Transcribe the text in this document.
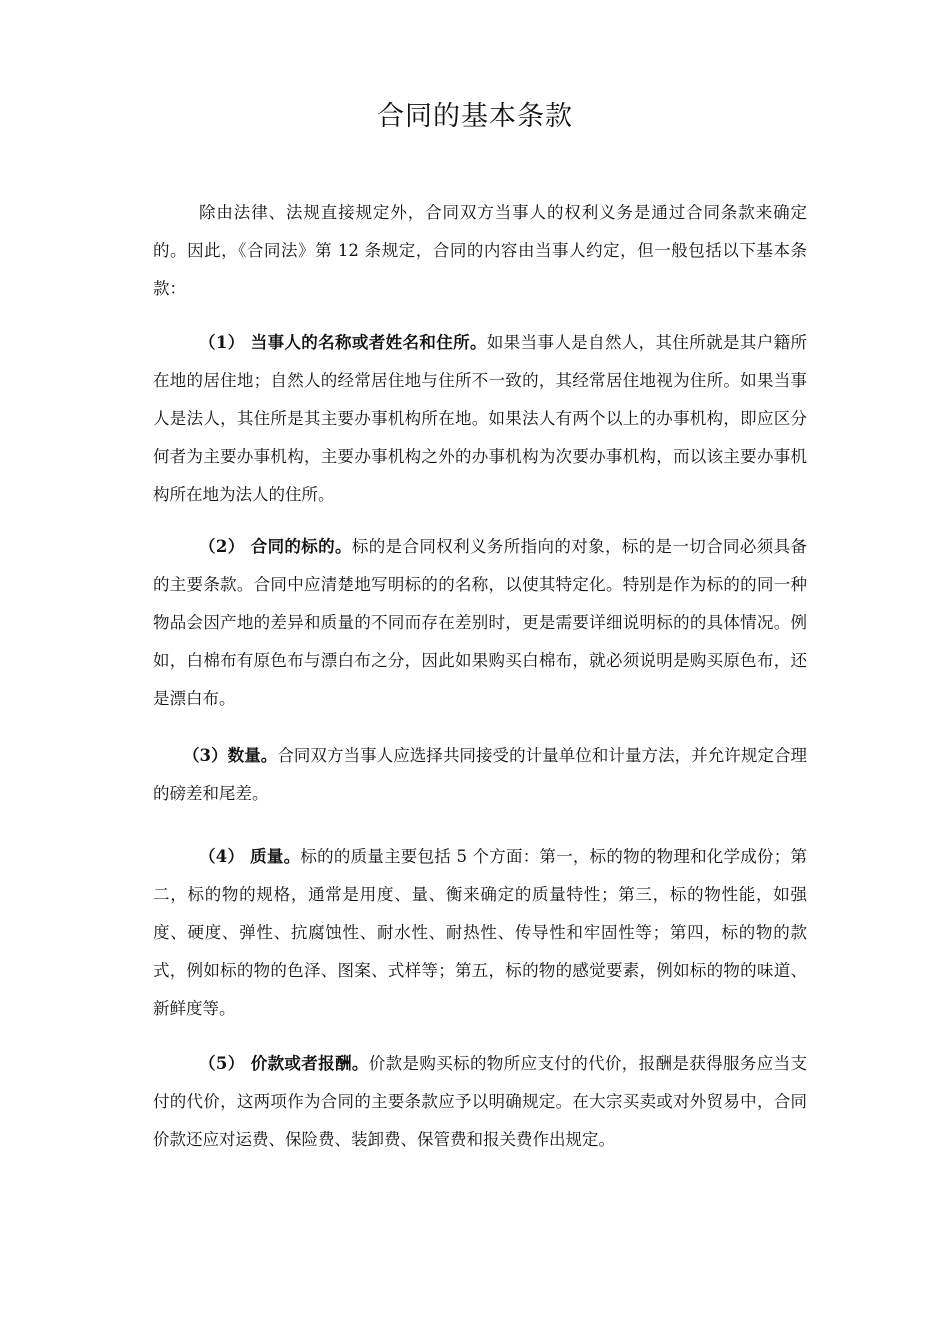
合同的基本条款

除由法律、法规直接规定外，合同双方当事人的权利义务是通过合同条款来确定的。因此，《合同法》第 12 条规定，合同的内容由当事人约定，但一般包括以下基本条款：

（1） 当事人的名称或者姓名和住所。如果当事人是自然人，其住所就是其户籍所在地的居住地；自然人的经常居住地与住所不一致的，其经常居住地视为住所。如果当事人是法人，其住所是其主要办事机构所在地。如果法人有两个以上的办事机构，即应区分何者为主要办事机构，主要办事机构之外的办事机构为次要办事机构，而以该主要办事机构所在地为法人的住所。

（2） 合同的标的。标的是合同权利义务所指向的对象，标的是一切合同必须具备的主要条款。合同中应清楚地写明标的的名称，以使其特定化。特别是作为标的的同一种物品会因产地的差异和质量的不同而存在差别时，更是需要详细说明标的的具体情况。例如，白棉布有原色布与漂白布之分，因此如果购买白棉布，就必须说明是购买原色布，还是漂白布。

（3）数量。合同双方当事人应选择共同接受的计量单位和计量方法，并允许规定合理的磅差和尾差。

（4） 质量。标的的质量主要包括 5 个方面：第一，标的物的物理和化学成份；第二，标的物的规格，通常是用度、量、衡来确定的质量特性；第三，标的物性能，如强度、硬度、弹性、抗腐蚀性、耐水性、耐热性、传导性和牢固性等；第四，标的物的款式，例如标的物的色泽、图案、式样等；第五，标的物的感觉要素，例如标的物的味道、新鲜度等。

（5） 价款或者报酬。价款是购买标的物所应支付的代价，报酬是获得服务应当支付的代价，这两项作为合同的主要条款应予以明确规定。在大宗买卖或对外贸易中，合同价款还应对运费、保险费、装卸费、保管费和报关费作出规定。
